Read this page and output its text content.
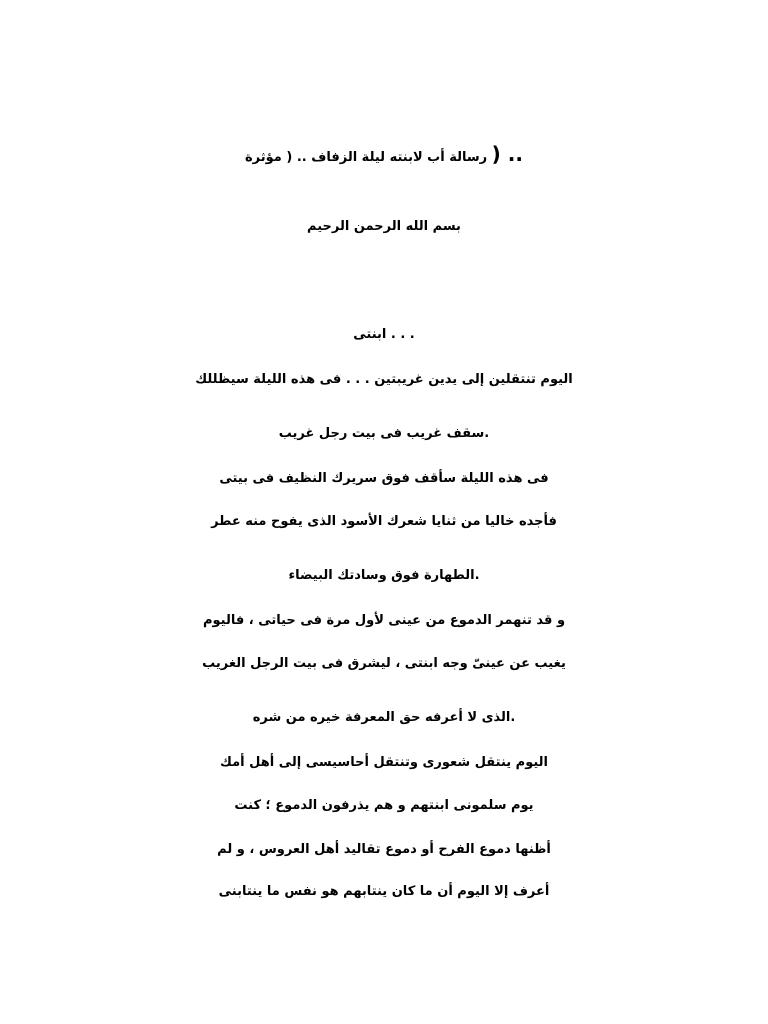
.. ( رسالة أب لابنته ليلة الزفاف .. ( مؤثرة
بسم الله الرحمن الرحيم
. . . ابنتى
اليوم تنتقلين إلى يدين غريبتين . . . فى هذه الليلة سيظللك
.سقف غريب فى بيت رجل غريب
فى هذه الليلة سأقف فوق سريرك النظيف فى بيتى
فأجده خاليا من ثنايا شعرك الأسود الذى يفوح منه عطر
.الطهارة فوق وسادتك البيضاء
و قد تنهمر الدموع من عينى لأول مرة فى حياتى ، فاليوم
يغيب عن عينىّ وجه ابنتى ، ليشرق فى بيت الرجل الغريب
.الذى لا أعرفه حق المعرفة خيره من شره
اليوم ينتقل شعورى وتنتقل أحاسيسى إلى أهل أمك
يوم سلمونى ابنتهم و هم يذرفون الدموع ؛ كنت
أظنها دموع الفرح أو دموع تقاليد أهل العروس ، و لم
أعرف إلا اليوم أن ما كان ينتابهم هو نفس ما ينتابنى
